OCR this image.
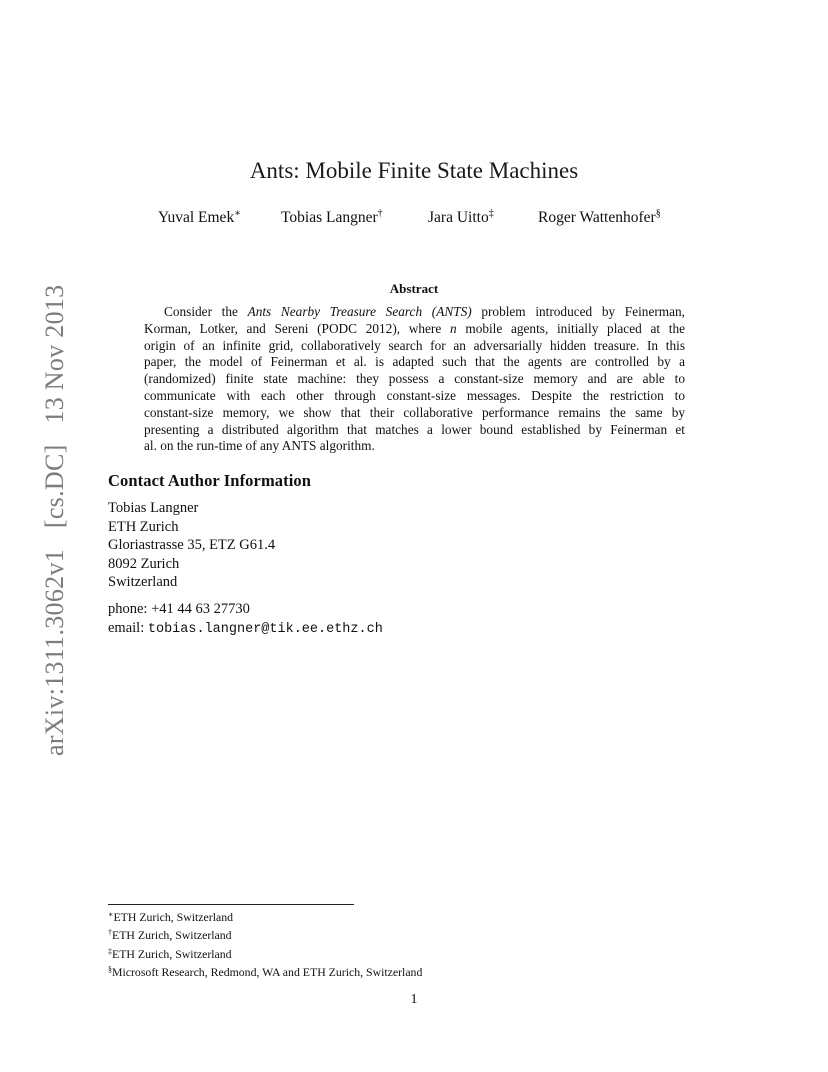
arXiv:1311.3062v1 [cs.DC] 13 Nov 2013
Ants: Mobile Finite State Machines
Yuval Emek∗	Tobias Langner†	Jara Uitto‡	Roger Wattenhofer§
Abstract
Consider the Ants Nearby Treasure Search (ANTS) problem introduced by Feinerman,
Korman, Lotker, and Sereni (PODC 2012), where n mobile agents, initially placed at the
origin of an infinite grid, collaboratively search for an adversarially hidden treasure. In this
paper, the model of Feinerman et al. is adapted such that the agents are controlled by a
(randomized) finite state machine: they possess a constant-size memory and are able to
communicate with each other through constant-size messages. Despite the restriction to
constant-size memory, we show that their collaborative performance remains the same by
presenting a distributed algorithm that matches a lower bound established by Feinerman et
al. on the run-time of any ANTS algorithm.
Contact Author Information
Tobias Langner
ETH Zurich
Gloriastrasse 35, ETZ G61.4
8092 Zurich
Switzerland
phone: +41 44 63 27730
email: tobias.langner@tik.ee.ethz.ch
∗ETH Zurich, Switzerland
†ETH Zurich, Switzerland
‡ETH Zurich, Switzerland
§Microsoft Research, Redmond, WA and ETH Zurich, Switzerland
1
